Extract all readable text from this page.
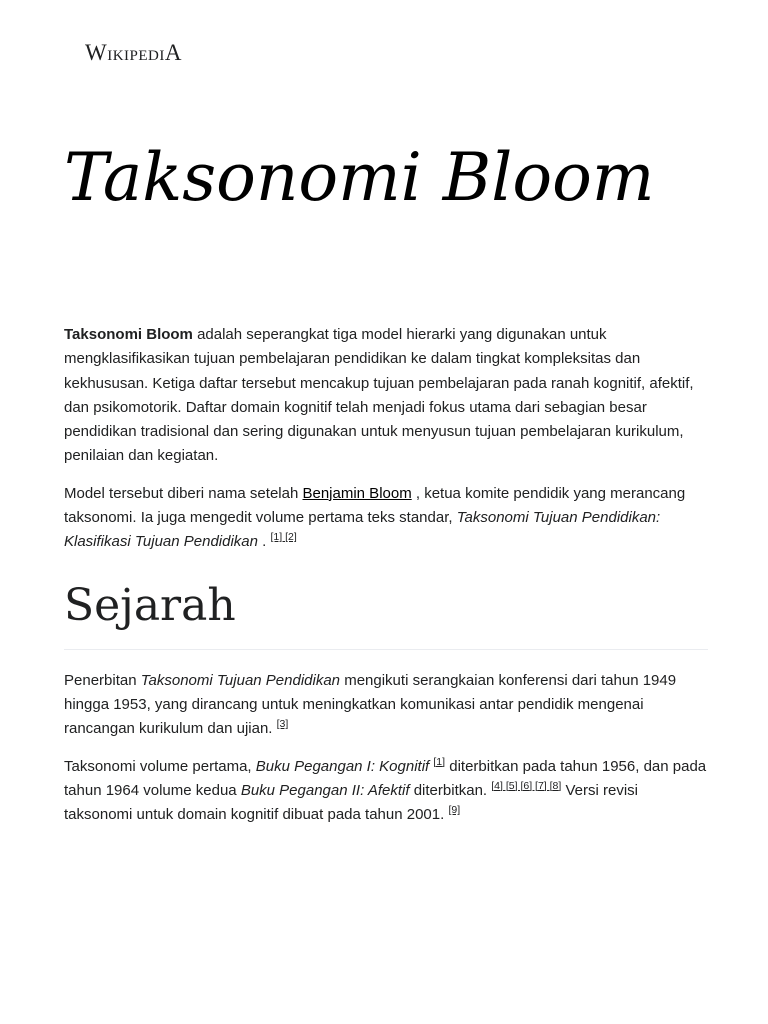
WikipediA
Taksonomi Bloom

Taksonomi Bloom adalah seperangkat tiga model hierarki yang digunakan untuk mengklasifikasikan tujuan pembelajaran pendidikan ke dalam tingkat kompleksitas dan kekhususan. Ketiga daftar tersebut mencakup tujuan pembelajaran pada ranah kognitif, afektif, dan psikomotorik. Daftar domain kognitif telah menjadi fokus utama dari sebagian besar pendidikan tradisional dan sering digunakan untuk menyusun tujuan pembelajaran kurikulum, penilaian dan kegiatan.

Model tersebut diberi nama setelah Benjamin Bloom , ketua komite pendidik yang merancang taksonomi. Ia juga mengedit volume pertama teks standar, Taksonomi Tujuan Pendidikan: Klasifikasi Tujuan Pendidikan . [1] [2]

Sejarah

Penerbitan Taksonomi Tujuan Pendidikan mengikuti serangkaian konferensi dari tahun 1949 hingga 1953, yang dirancang untuk meningkatkan komunikasi antar pendidik mengenai rancangan kurikulum dan ujian. [3]

Taksonomi volume pertama, Buku Pegangan I: Kognitif [1] diterbitkan pada tahun 1956, dan pada tahun 1964 volume kedua Buku Pegangan II: Afektif diterbitkan. [4] [5] [6] [7] [8] Versi revisi taksonomi untuk domain kognitif dibuat pada tahun 2001. [9]
